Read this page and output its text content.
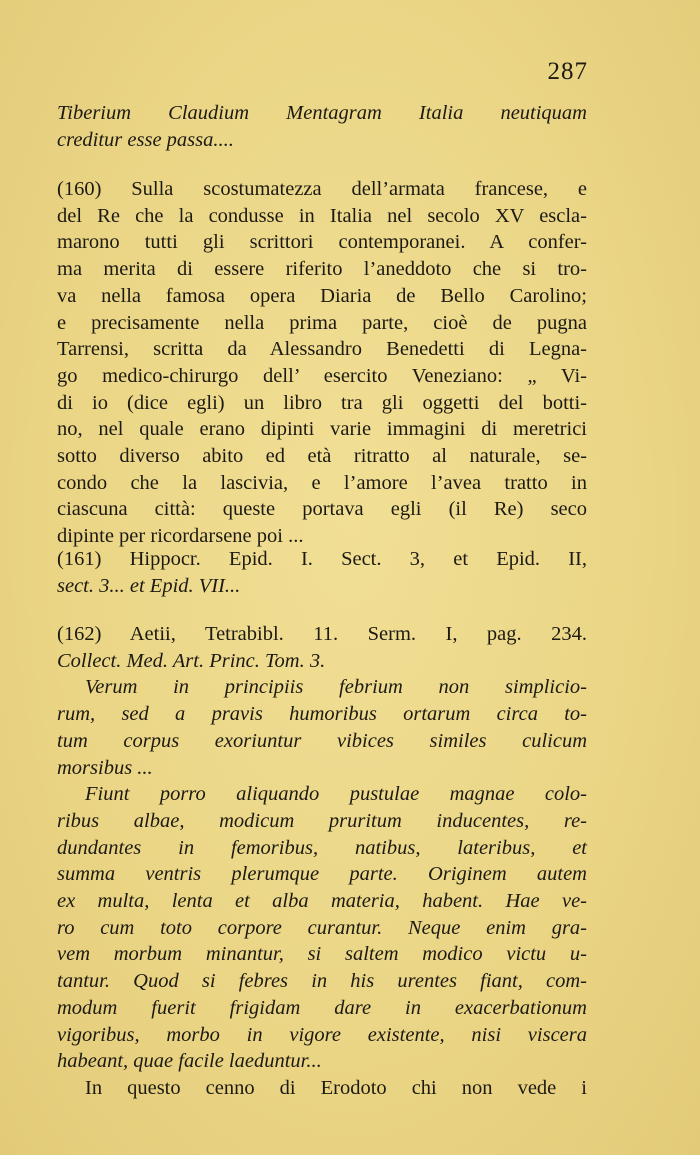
287
Tiberium Claudium Mentagram Italia neutiquam
creditur esse passa....
(160) Sulla scostumatezza dell’armata francese, e
del Re che la condusse in Italia nel secolo XV escla-
marono tutti gli scrittori contemporanei. A confer-
ma merita di essere riferito l’aneddoto che si tro-
va nella famosa opera Diaria de Bello Carolino;
e precisamente nella prima parte, cioè de pugna
Tarrensi, scritta da Alessandro Benedetti di Legna-
go medico-chirurgo dell’ esercito Veneziano: „ Vi-
di io (dice egli) un libro tra gli oggetti del botti-
no, nel quale erano dipinti varie immagini di meretrici
sotto diverso abito ed età ritratto al naturale, se-
condo che la lascivia, e l’amore l’avea tratto in
ciascuna città: queste portava egli (il Re) seco
dipinte per ricordarsene poi ...
(161) Hippocr. Epid. I. Sect. 3, et Epid. II,
sect. 3... et Epid. VII...
(162) Aetii, Tetrabibl. 11. Serm. I, pag. 234.
Collect. Med. Art. Princ. Tom. 3.
Verum in principiis febrium non simplicio-
rum, sed a pravis humoribus ortarum circa to-
tum corpus exoriuntur vibices similes culicum
morsibus ...
Fiunt porro aliquando pustulae magnae colo-
ribus albae, modicum pruritum inducentes, re-
dundantes in femoribus, natibus, lateribus, et
summa ventris plerumque parte. Originem autem
ex multa, lenta et alba materia, habent. Hae ve-
ro cum toto corpore curantur. Neque enim gra-
vem morbum minantur, si saltem modico victu u-
tantur. Quod si febres in his urentes fiant, com-
modum fuerit frigidam dare in exacerbationum
vigoribus, morbo in vigore existente, nisi viscera
habeant, quae facile laeduntur...
In questo cenno di Erodoto chi non vede i
